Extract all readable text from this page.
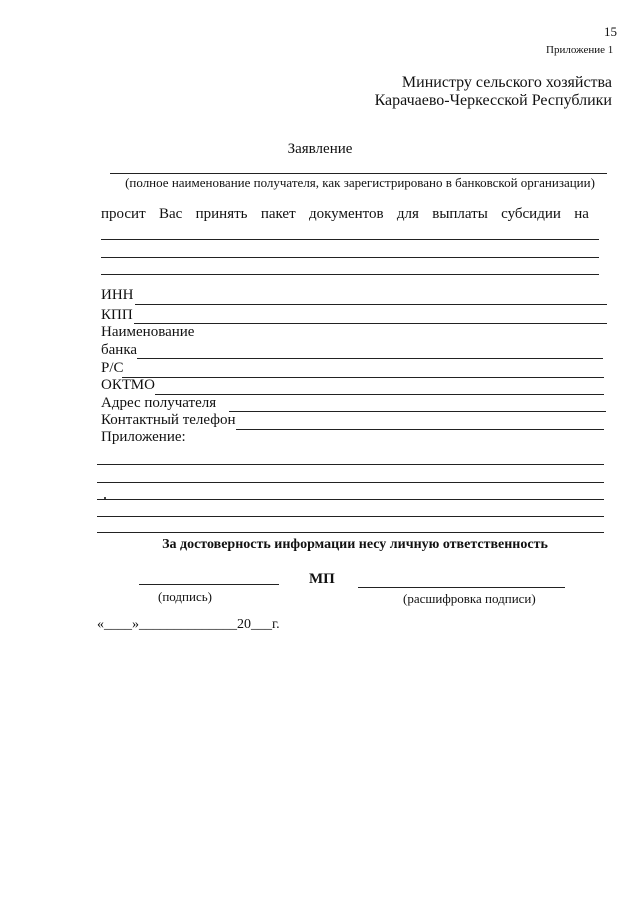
15
Приложение 1
Министру сельского хозяйства
Карачаево-Черкесской Республики
Заявление
(полное наименование получателя, как зарегистрировано в банковской организации)
просит Вас принять пакет документов для выплаты субсидии на
ИНН
КПП
Наименование
банка
Р/С
ОКТМО
Адрес получателя
Контактный телефон
Приложение:
За достоверность информации несу личную ответственность
МП
(подпись)	(расшифровка подписи)
«____»______________20___г.
